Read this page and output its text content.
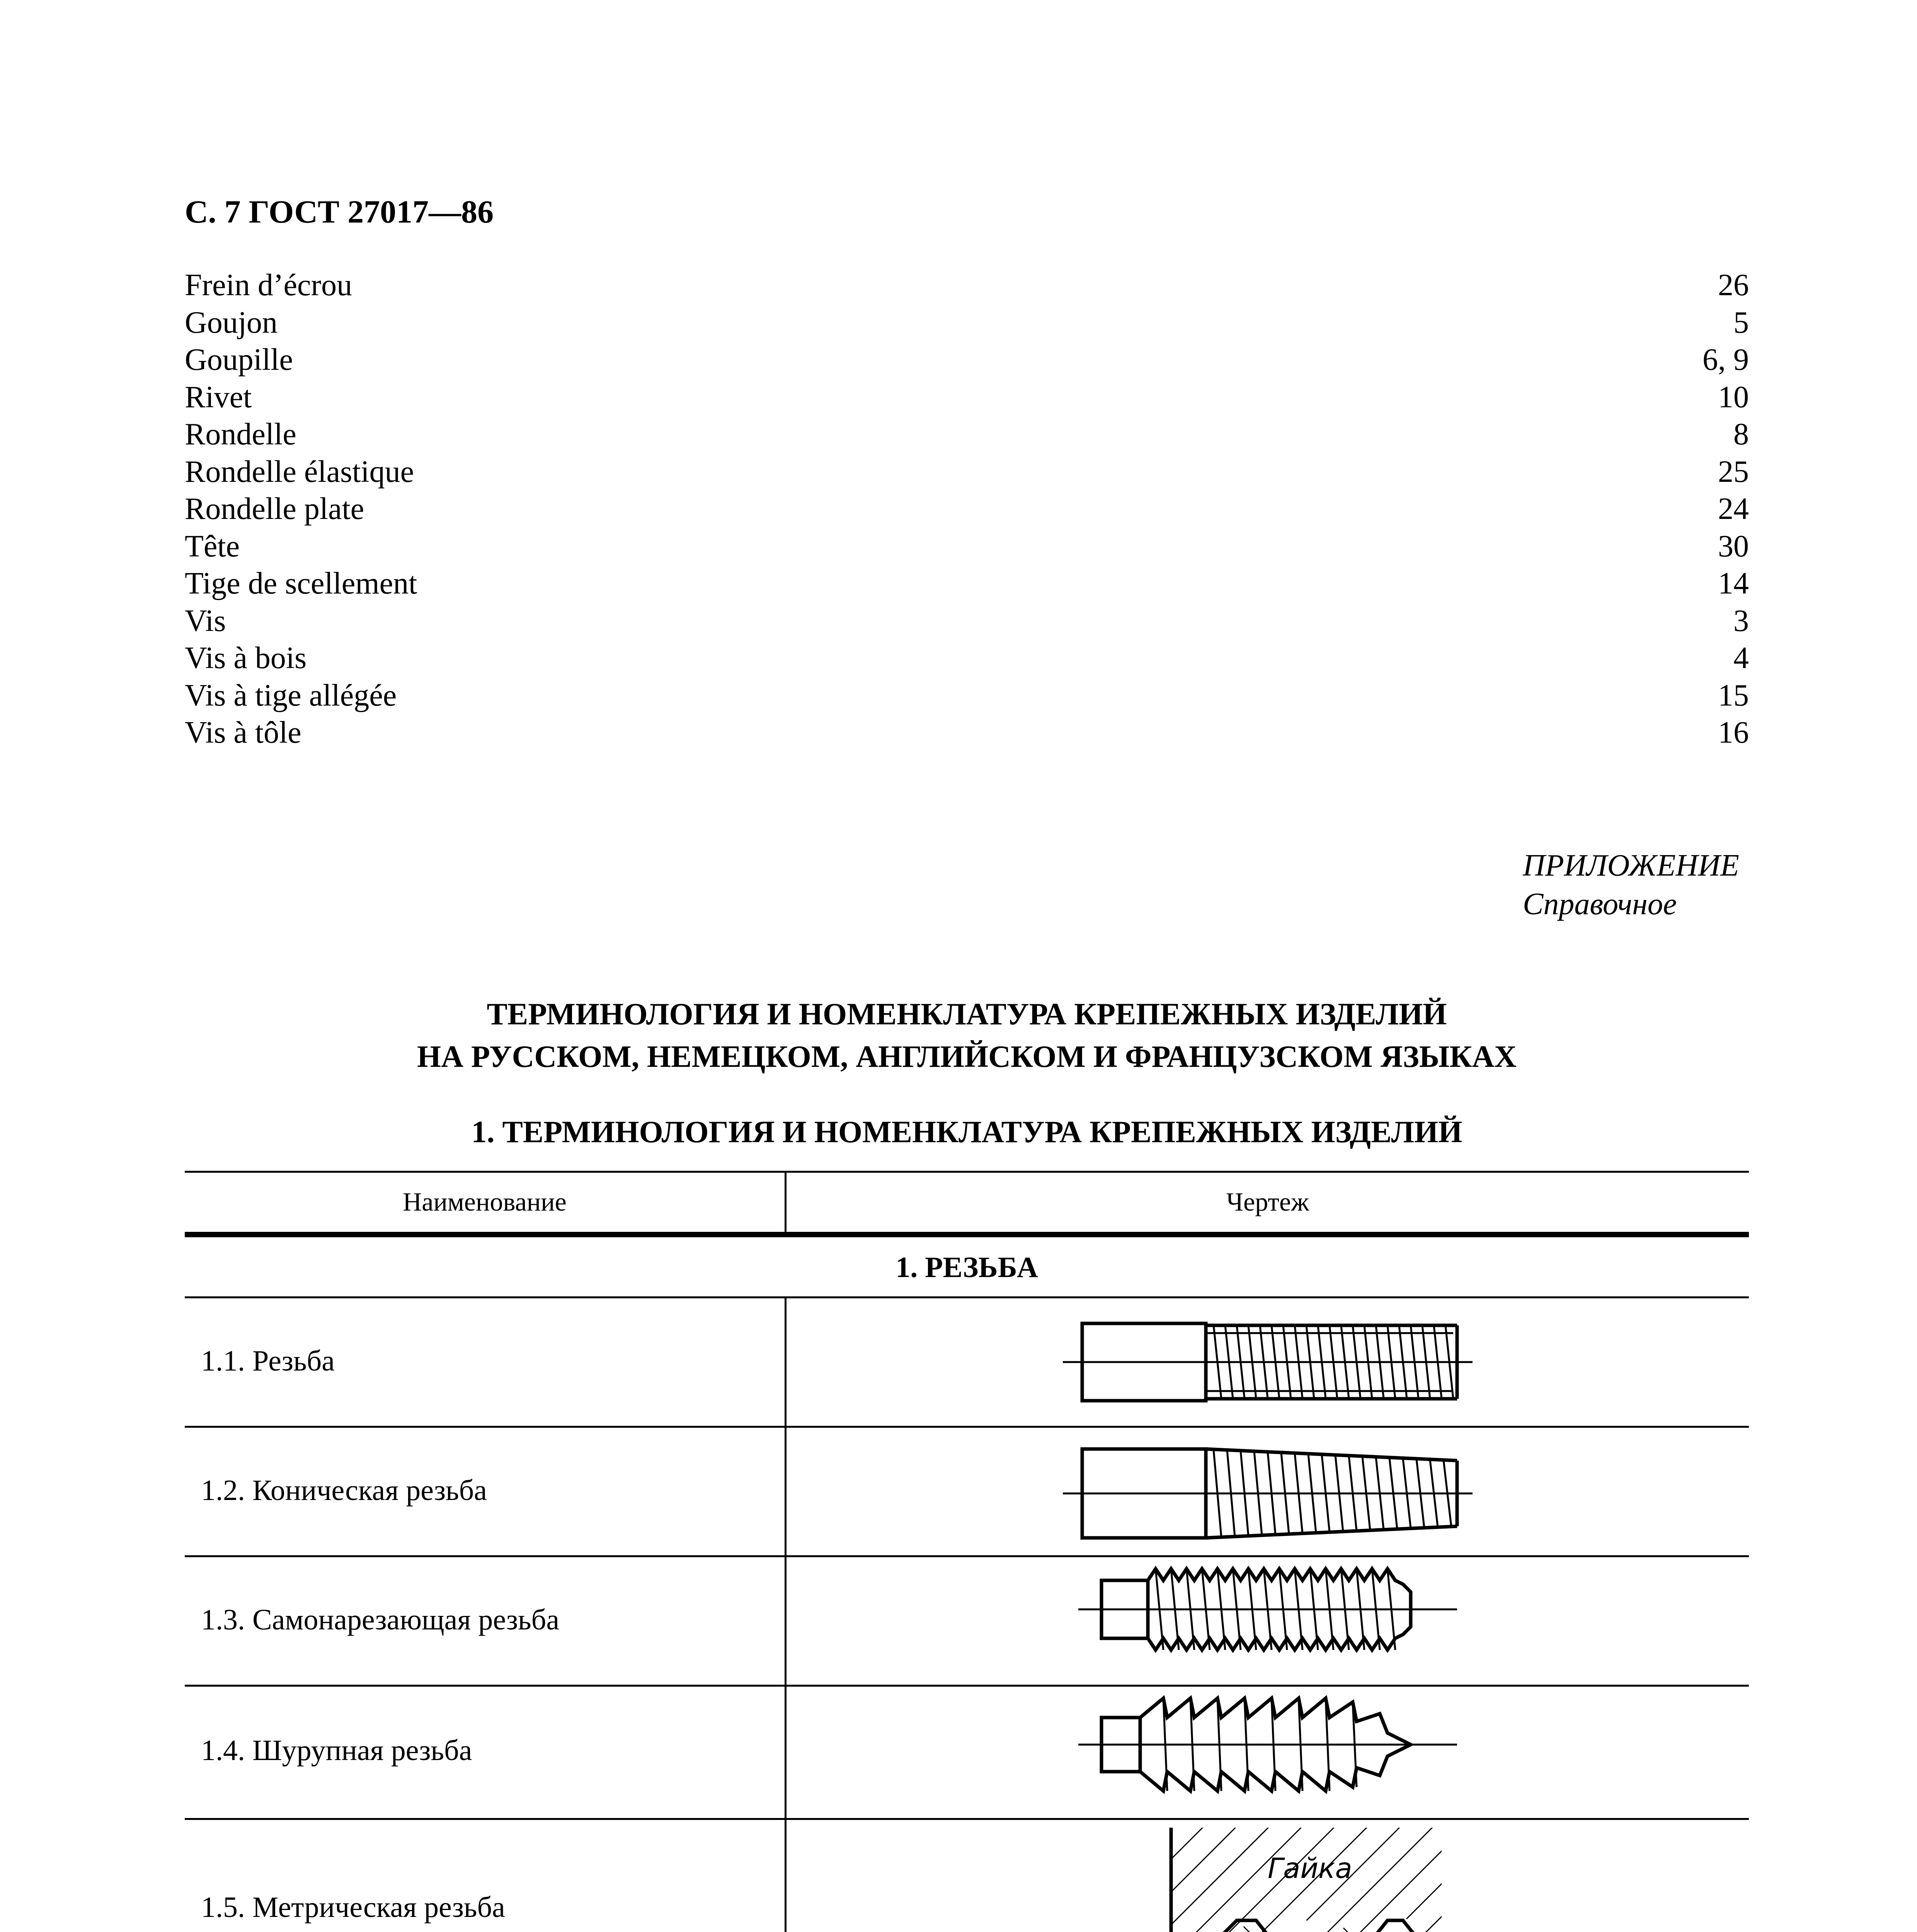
С. 7 ГОСТ 27017—86
Frein d’écrou	26
Goujon	5
Goupille	6, 9
Rivet	10
Rondelle	8
Rondelle élastique	25
Rondelle plate	24
Tête	30
Tige de scellement	14
Vis	3
Vis à bois	4
Vis à tige allégée	15
Vis à tôle	16
ПРИЛОЖЕНИЕ
Справочное
ТЕРМИНОЛОГИЯ И НОМЕНКЛАТУРА КРЕПЕЖНЫХ ИЗДЕЛИЙ
НА РУССКОМ, НЕМЕЦКОМ, АНГЛИЙСКОМ И ФРАНЦУЗСКОМ ЯЗЫКАХ
1. ТЕРМИНОЛОГИЯ И НОМЕНКЛАТУРА КРЕПЕЖНЫХ ИЗДЕЛИЙ
Наименование	Чертеж
1. РЕЗЬБА
1.1. Резьба
1.2. Коническая резьба
1.3. Самонарезающая резьба
1.4. Шурупная резьба
1.5. Метрическая резьба
Гайка
